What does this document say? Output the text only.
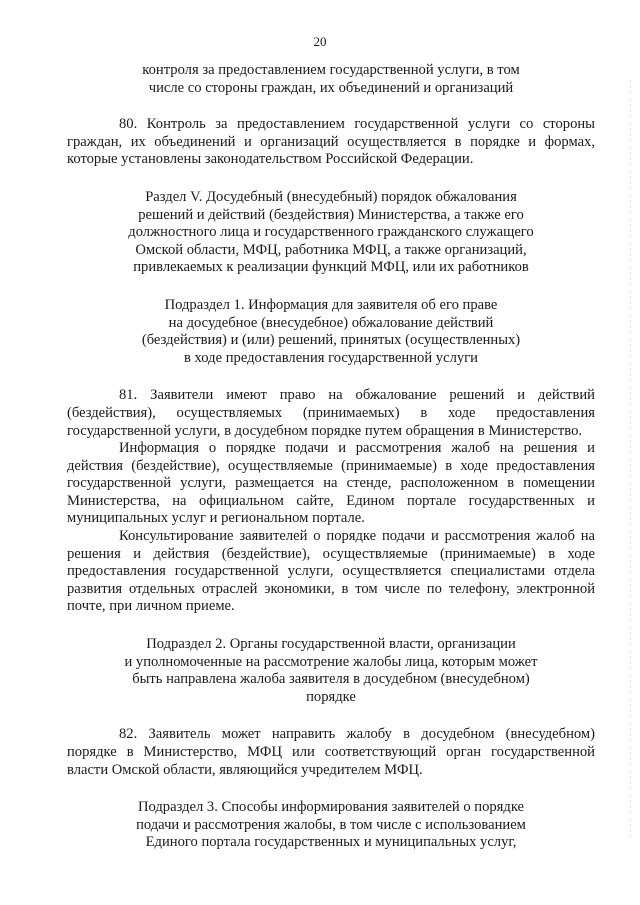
20
контроля за предоставлением государственной услуги, в том
числе со стороны граждан, их объединений и организаций

80. Контроль за предоставлением государственной услуги со стороны граждан, их объединений и организаций осуществляется в порядке и формах, которые установлены законодательством Российской Федерации.

Раздел V. Досудебный (внесудебный) порядок обжалования
решений и действий (бездействия) Министерства, а также его
должностного лица и государственного гражданского служащего
Омской области, МФЦ, работника МФЦ, а также организаций,
привлекаемых к реализации функций МФЦ, или их работников
Подраздел 1. Информация для заявителя об его праве
на досудебное (внесудебное) обжалование действий
(бездействия) и (или) решений, принятых (осуществленных)
в ходе предоставления государственной услуги

81. Заявители имеют право на обжалование решений и действий (бездействия), осуществляемых (принимаемых) в ходе предоставления государственной услуги, в досудебном порядке путем обращения в Министерство.

Информация о порядке подачи и рассмотрения жалоб на решения и действия (бездействие), осуществляемые (принимаемые) в ходе предоставления государственной услуги, размещается на стенде, расположенном в помещении Министерства, на официальном сайте, Едином портале государственных и муниципальных услуг и региональном портале.

Консультирование заявителей о порядке подачи и рассмотрения жалоб на решения и действия (бездействие), осуществляемые (принимаемые) в ходе предоставления государственной услуги, осуществляется специалистами отдела развития отдельных отраслей экономики, в том числе по телефону, электронной почте, при личном приеме.

Подраздел 2. Органы государственной власти, организации
и уполномоченные на рассмотрение жалобы лица, которым может
быть направлена жалоба заявителя в досудебном (внесудебном)
порядке

82. Заявитель может направить жалобу в досудебном (внесудебном) порядке в Министерство, МФЦ или соответствующий орган государственной власти Омской области, являющийся учредителем МФЦ.

Подраздел 3. Способы информирования заявителей о порядке
подачи и рассмотрения жалобы, в том числе с использованием
Единого портала государственных и муниципальных услуг,
